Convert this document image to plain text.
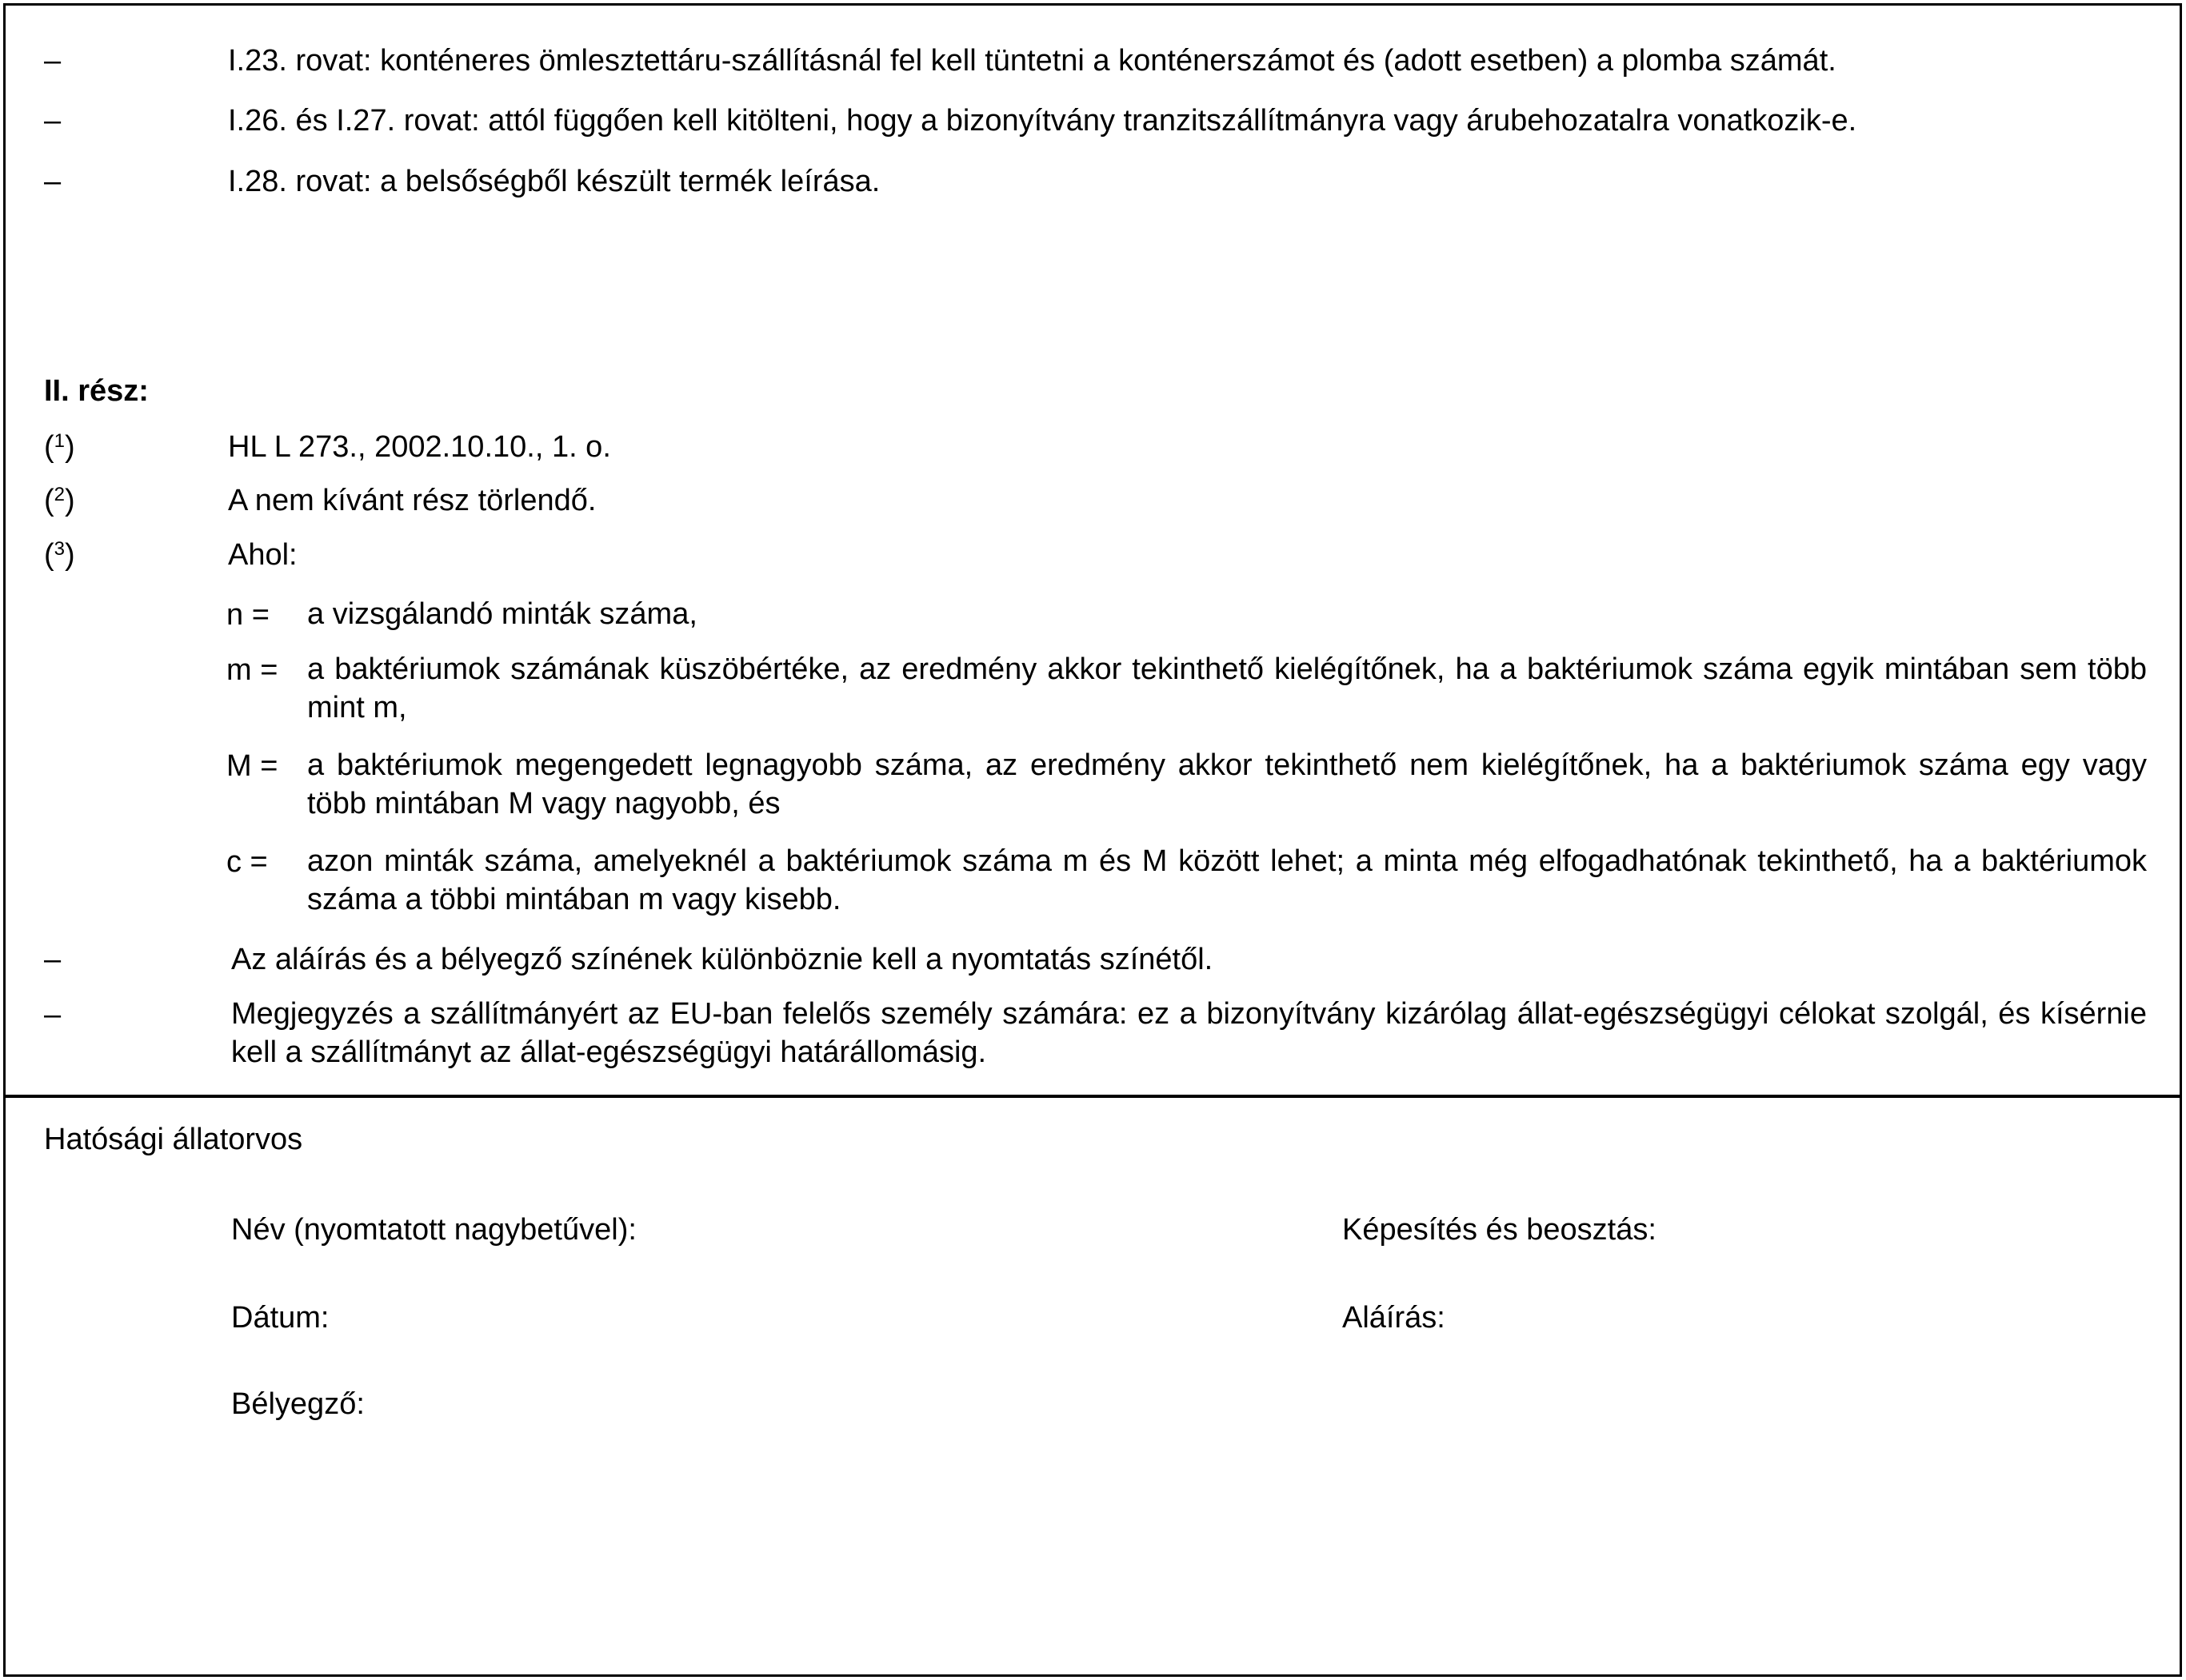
–	I.23. rovat: konténeres ömlesztettáru-szállításnál fel kell tüntetni a konténerszámot és (adott esetben) a plomba számát.
–	I.26. és I.27. rovat: attól függően kell kitölteni, hogy a bizonyítvány tranzitszállítmányra vagy árubehozatalra vonatkozik-e.
–	I.28. rovat: a belsőségből készült termék leírása.
II. rész:
($^1$)	HL L 273., 2002.10.10., 1. o.
($^2$)	A nem kívánt rész törlendő.
($^3$)	Ahol:
n = a vizsgálandó minták száma,
m = a baktériumok számának küszöbértéke, az eredmény akkor tekinthető kielégítőnek, ha a baktériumok száma egyik mintában sem több mint m,
M = a baktériumok megengedett legnagyobb száma, az eredmény akkor tekinthető nem kielégítőnek, ha a baktériumok száma egy vagy több mintában M vagy nagyobb, és
c = azon minták száma, amelyeknél a baktériumok száma m és M között lehet; a minta még elfogadhatónak tekinthető, ha a baktériumok száma a többi mintában m vagy kisebb.
–	Az aláírás és a bélyegző színének különböznie kell a nyomtatás színétől.
–	Megjegyzés a szállítmányért az EU-ban felelős személy számára: ez a bizonyítvány kizárólag állat-egészségügyi célokat szolgál, és kísérnie kell a szállítmányt az állat-egészségügyi határállomásig.
Hatósági állatorvos
Név (nyomtatott nagybetűvel):	Képesítés és beosztás:
Dátum:	Aláírás:
Bélyegző:
